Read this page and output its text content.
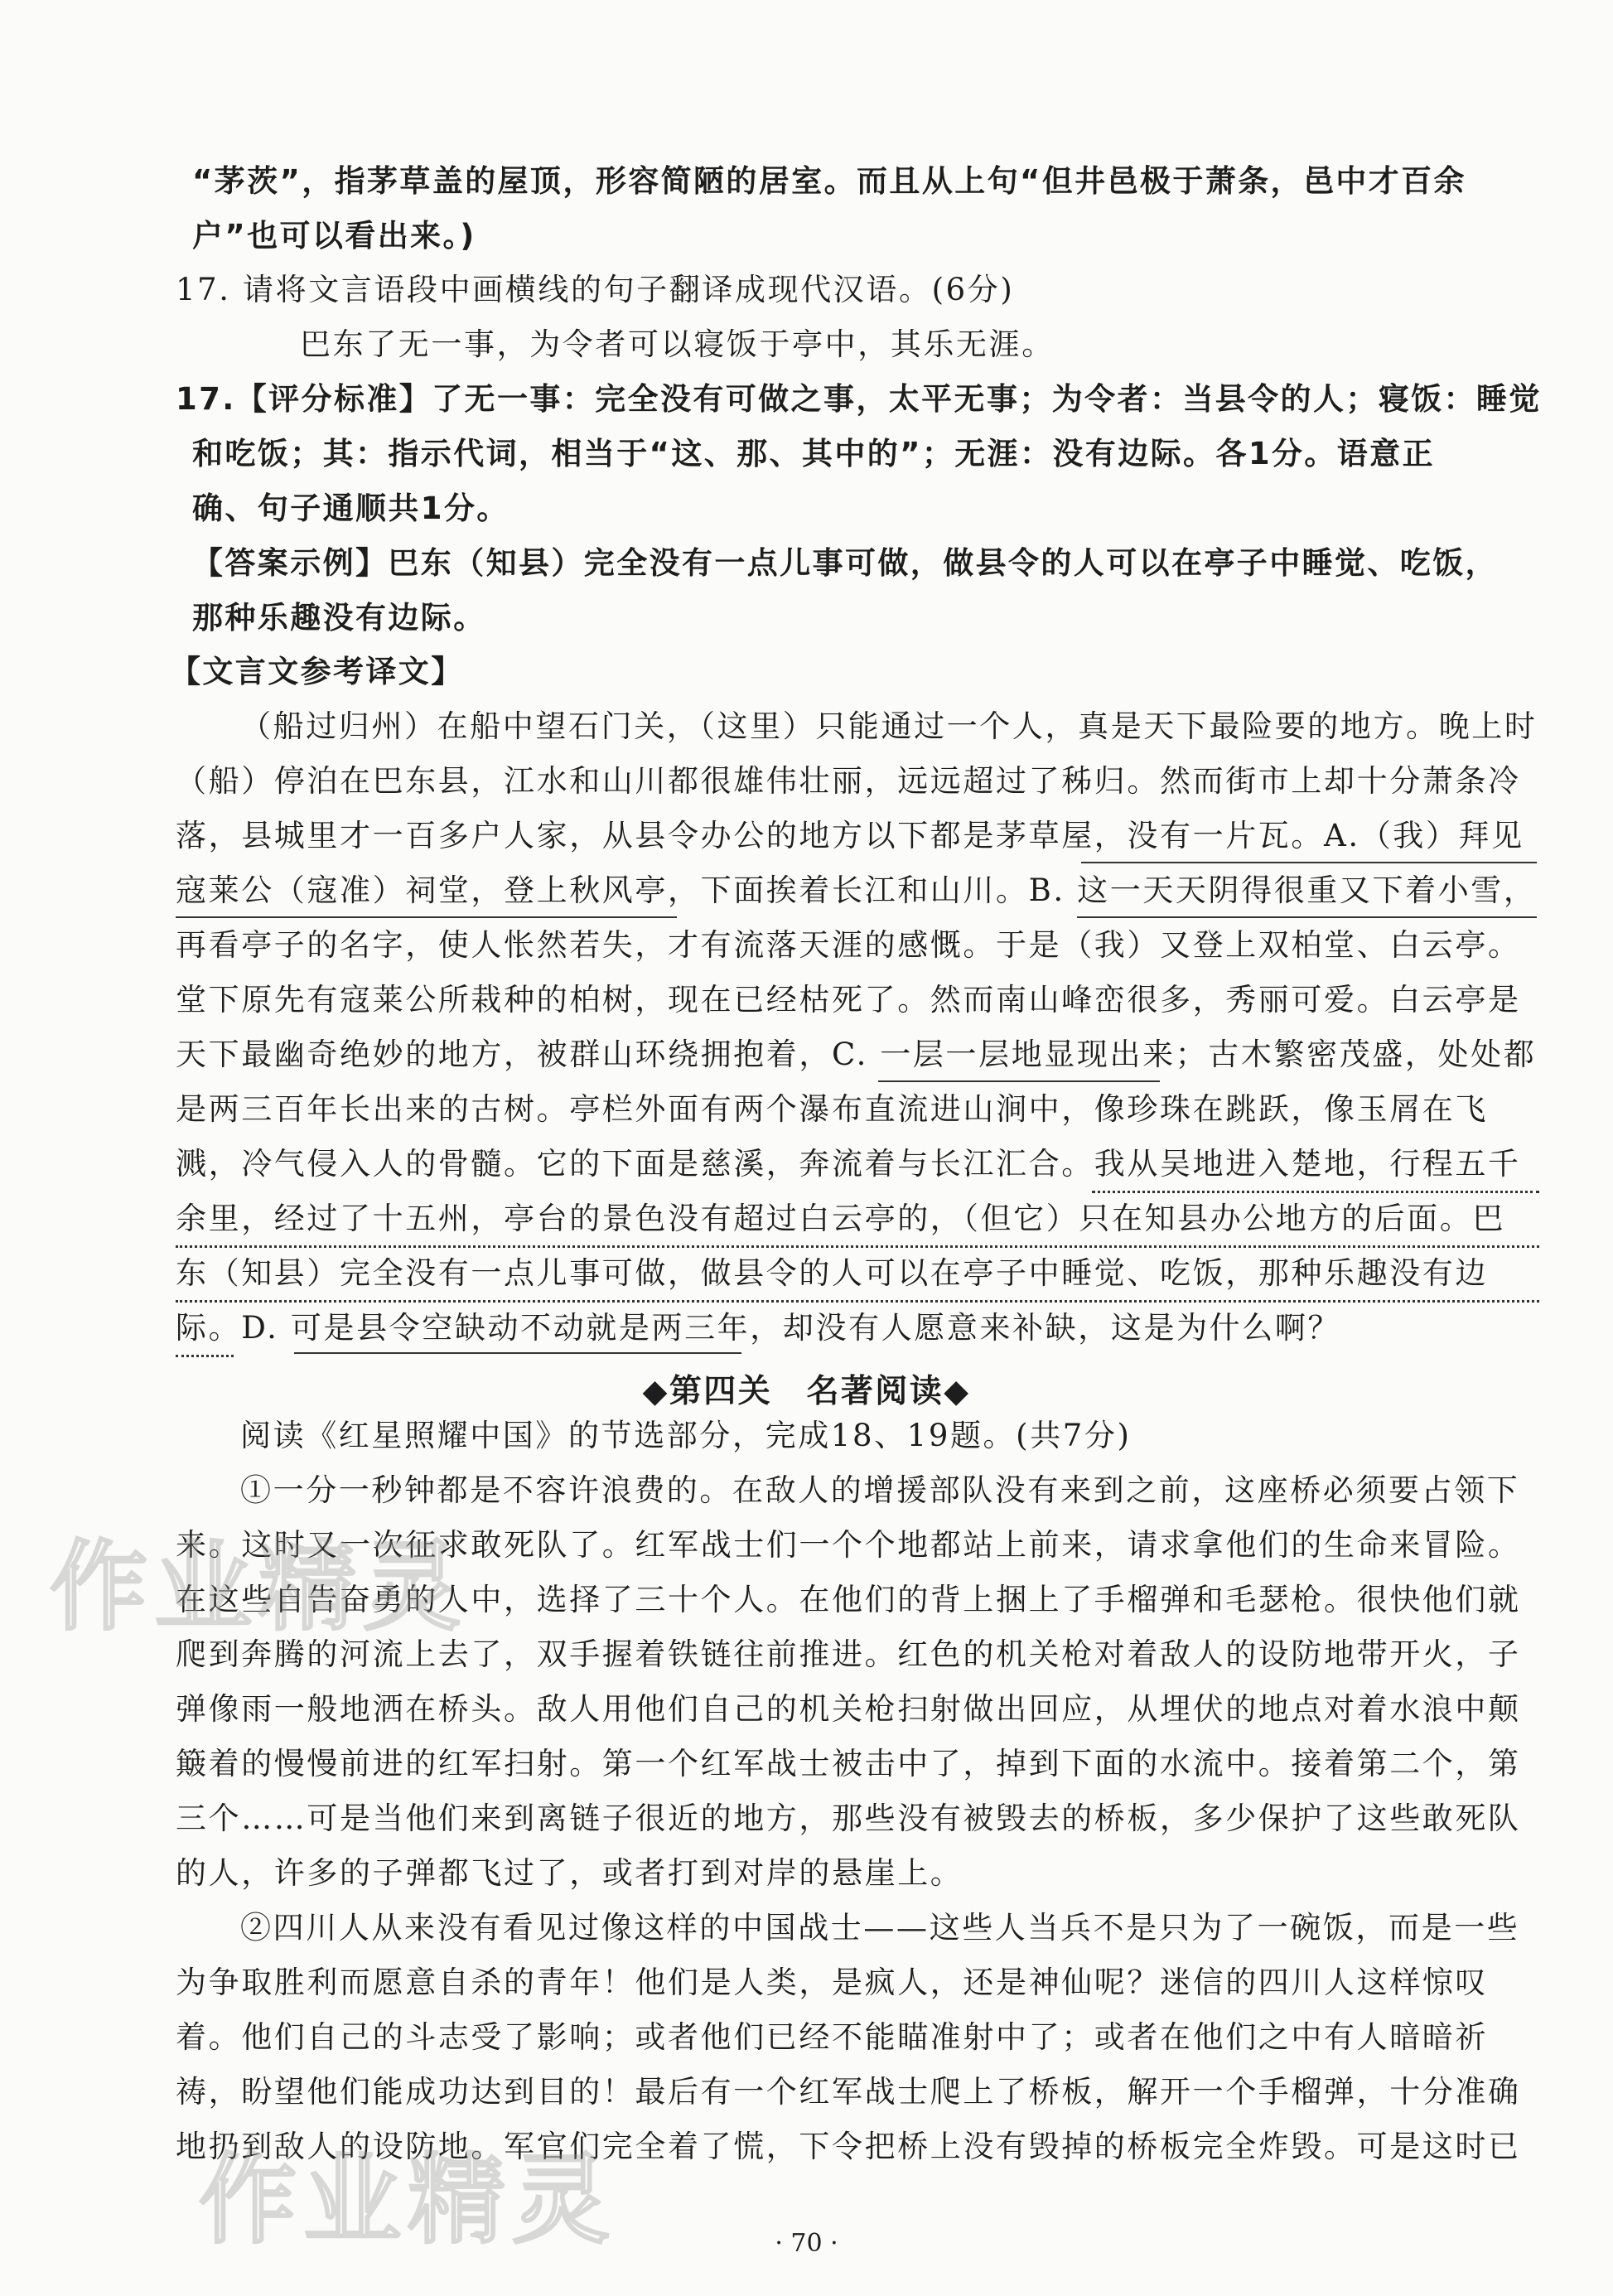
“茅茨”，指茅草盖的屋顶，形容简陋的居室。而且从上句“但井邑极于萧条，邑中才百余
户”也可以看出来。)
17. 请将文言语段中画横线的句子翻译成现代汉语。(6分)
巴东了无一事，为令者可以寝饭于亭中，其乐无涯。
17.【评分标准】了无一事：完全没有可做之事，太平无事；为令者：当县令的人；寝饭：睡觉
和吃饭；其：指示代词，相当于“这、那、其中的”；无涯：没有边际。各1分。语意正
确、句子通顺共1分。
【答案示例】巴东（知县）完全没有一点儿事可做，做县令的人可以在亭子中睡觉、吃饭，
那种乐趣没有边际。
【文言文参考译文】
（船过归州）在船中望石门关，（这里）只能通过一个人，真是天下最险要的地方。晚上时
（船）停泊在巴东县，江水和山川都很雄伟壮丽，远远超过了秭归。然而街市上却十分萧条冷
落，县城里才一百多户人家，从县令办公的地方以下都是茅草屋，没有一片瓦。A.（我）拜见
寇莱公（寇准）祠堂，登上秋风亭，下面挨着长江和山川。B. 这一天天阴得很重又下着小雪，
再看亭子的名字，使人怅然若失，才有流落天涯的感慨。于是（我）又登上双柏堂、白云亭。
堂下原先有寇莱公所栽种的柏树，现在已经枯死了。然而南山峰峦很多，秀丽可爱。白云亭是
天下最幽奇绝妙的地方，被群山环绕拥抱着，C. 一层一层地显现出来；古木繁密茂盛，处处都
是两三百年长出来的古树。亭栏外面有两个瀑布直流进山涧中，像珍珠在跳跃，像玉屑在飞
溅，冷气侵入人的骨髓。它的下面是慈溪，奔流着与长江汇合。我从吴地进入楚地，行程五千
余里，经过了十五州，亭台的景色没有超过白云亭的，（但它）只在知县办公地方的后面。巴
东（知县）完全没有一点儿事可做，做县令的人可以在亭子中睡觉、吃饭，那种乐趣没有边
际。D. 可是县令空缺动不动就是两三年，却没有人愿意来补缺，这是为什么啊？
◆第四关　名著阅读◆
阅读《红星照耀中国》的节选部分，完成18、19题。(共7分)
①一分一秒钟都是不容许浪费的。在敌人的增援部队没有来到之前，这座桥必须要占领下
来。这时又一次征求敢死队了。红军战士们一个个地都站上前来，请求拿他们的生命来冒险。
在这些自告奋勇的人中，选择了三十个人。在他们的背上捆上了手榴弹和毛瑟枪。很快他们就
爬到奔腾的河流上去了，双手握着铁链往前推进。红色的机关枪对着敌人的设防地带开火，子
弹像雨一般地洒在桥头。敌人用他们自己的机关枪扫射做出回应，从埋伏的地点对着水浪中颠
簸着的慢慢前进的红军扫射。第一个红军战士被击中了，掉到下面的水流中。接着第二个，第
三个……可是当他们来到离链子很近的地方，那些没有被毁去的桥板，多少保护了这些敢死队
的人，许多的子弹都飞过了，或者打到对岸的悬崖上。
②四川人从来没有看见过像这样的中国战士——这些人当兵不是只为了一碗饭，而是一些
为争取胜利而愿意自杀的青年！他们是人类，是疯人，还是神仙呢？迷信的四川人这样惊叹
着。他们自己的斗志受了影响；或者他们已经不能瞄准射中了；或者在他们之中有人暗暗祈
祷，盼望他们能成功达到目的！最后有一个红军战士爬上了桥板，解开一个手榴弹，十分准确
地扔到敌人的设防地。军官们完全着了慌，下令把桥上没有毁掉的桥板完全炸毁。可是这时已
作业精灵
作业精灵	· 70 ·
